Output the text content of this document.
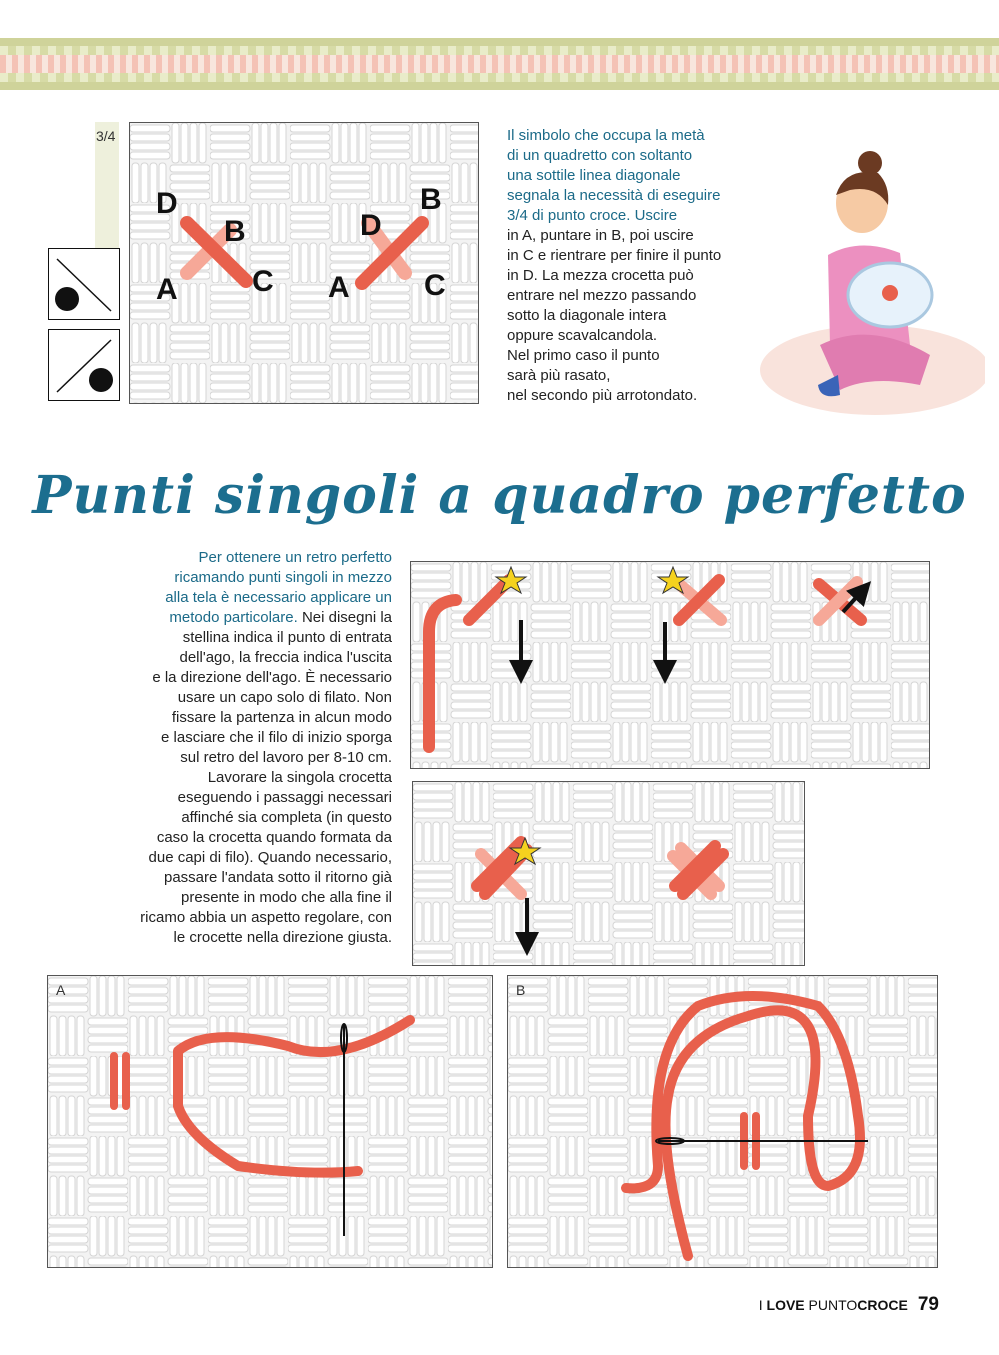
3/4
D
B
A C
D
B
A C
Il simbolo che occupa la metà
di un quadretto con soltanto
una sottile linea diagonale
segnala la necessità di eseguire
3/4 di punto croce. Uscire
in A, puntare in B, poi uscire
in C e rientrare per finire il punto
in D. La mezza crocetta può
entrare nel mezzo passando
sotto la diagonale intera
oppure scavalcandola.
Nel primo caso il punto
sarà più rasato,
nel secondo più arrotondato.
Punti singoli a quadro perfetto
Per ottenere un retro perfetto
ricamando punti singoli in mezzo
alla tela è necessario applicare un
metodo particolare. Nei disegni la
stellina indica il punto di entrata
dell'ago, la freccia indica l'uscita
e la direzione dell'ago. È necessario
usare un capo solo di filato. Non
fissare la partenza in alcun modo
e lasciare che il filo di inizio sporga
sul retro del lavoro per 8-10 cm.
Lavorare la singola crocetta
eseguendo i passaggi necessari
affinché sia completa (in questo
caso la crocetta quando formata da
due capi di filo). Quando necessario,
passare l'andata sotto il ritorno già
presente in modo che alla fine il
ricamo abbia un aspetto regolare, con
le crocette nella direzione giusta.
A	B
I LOVE PUNTOCROCE 79
